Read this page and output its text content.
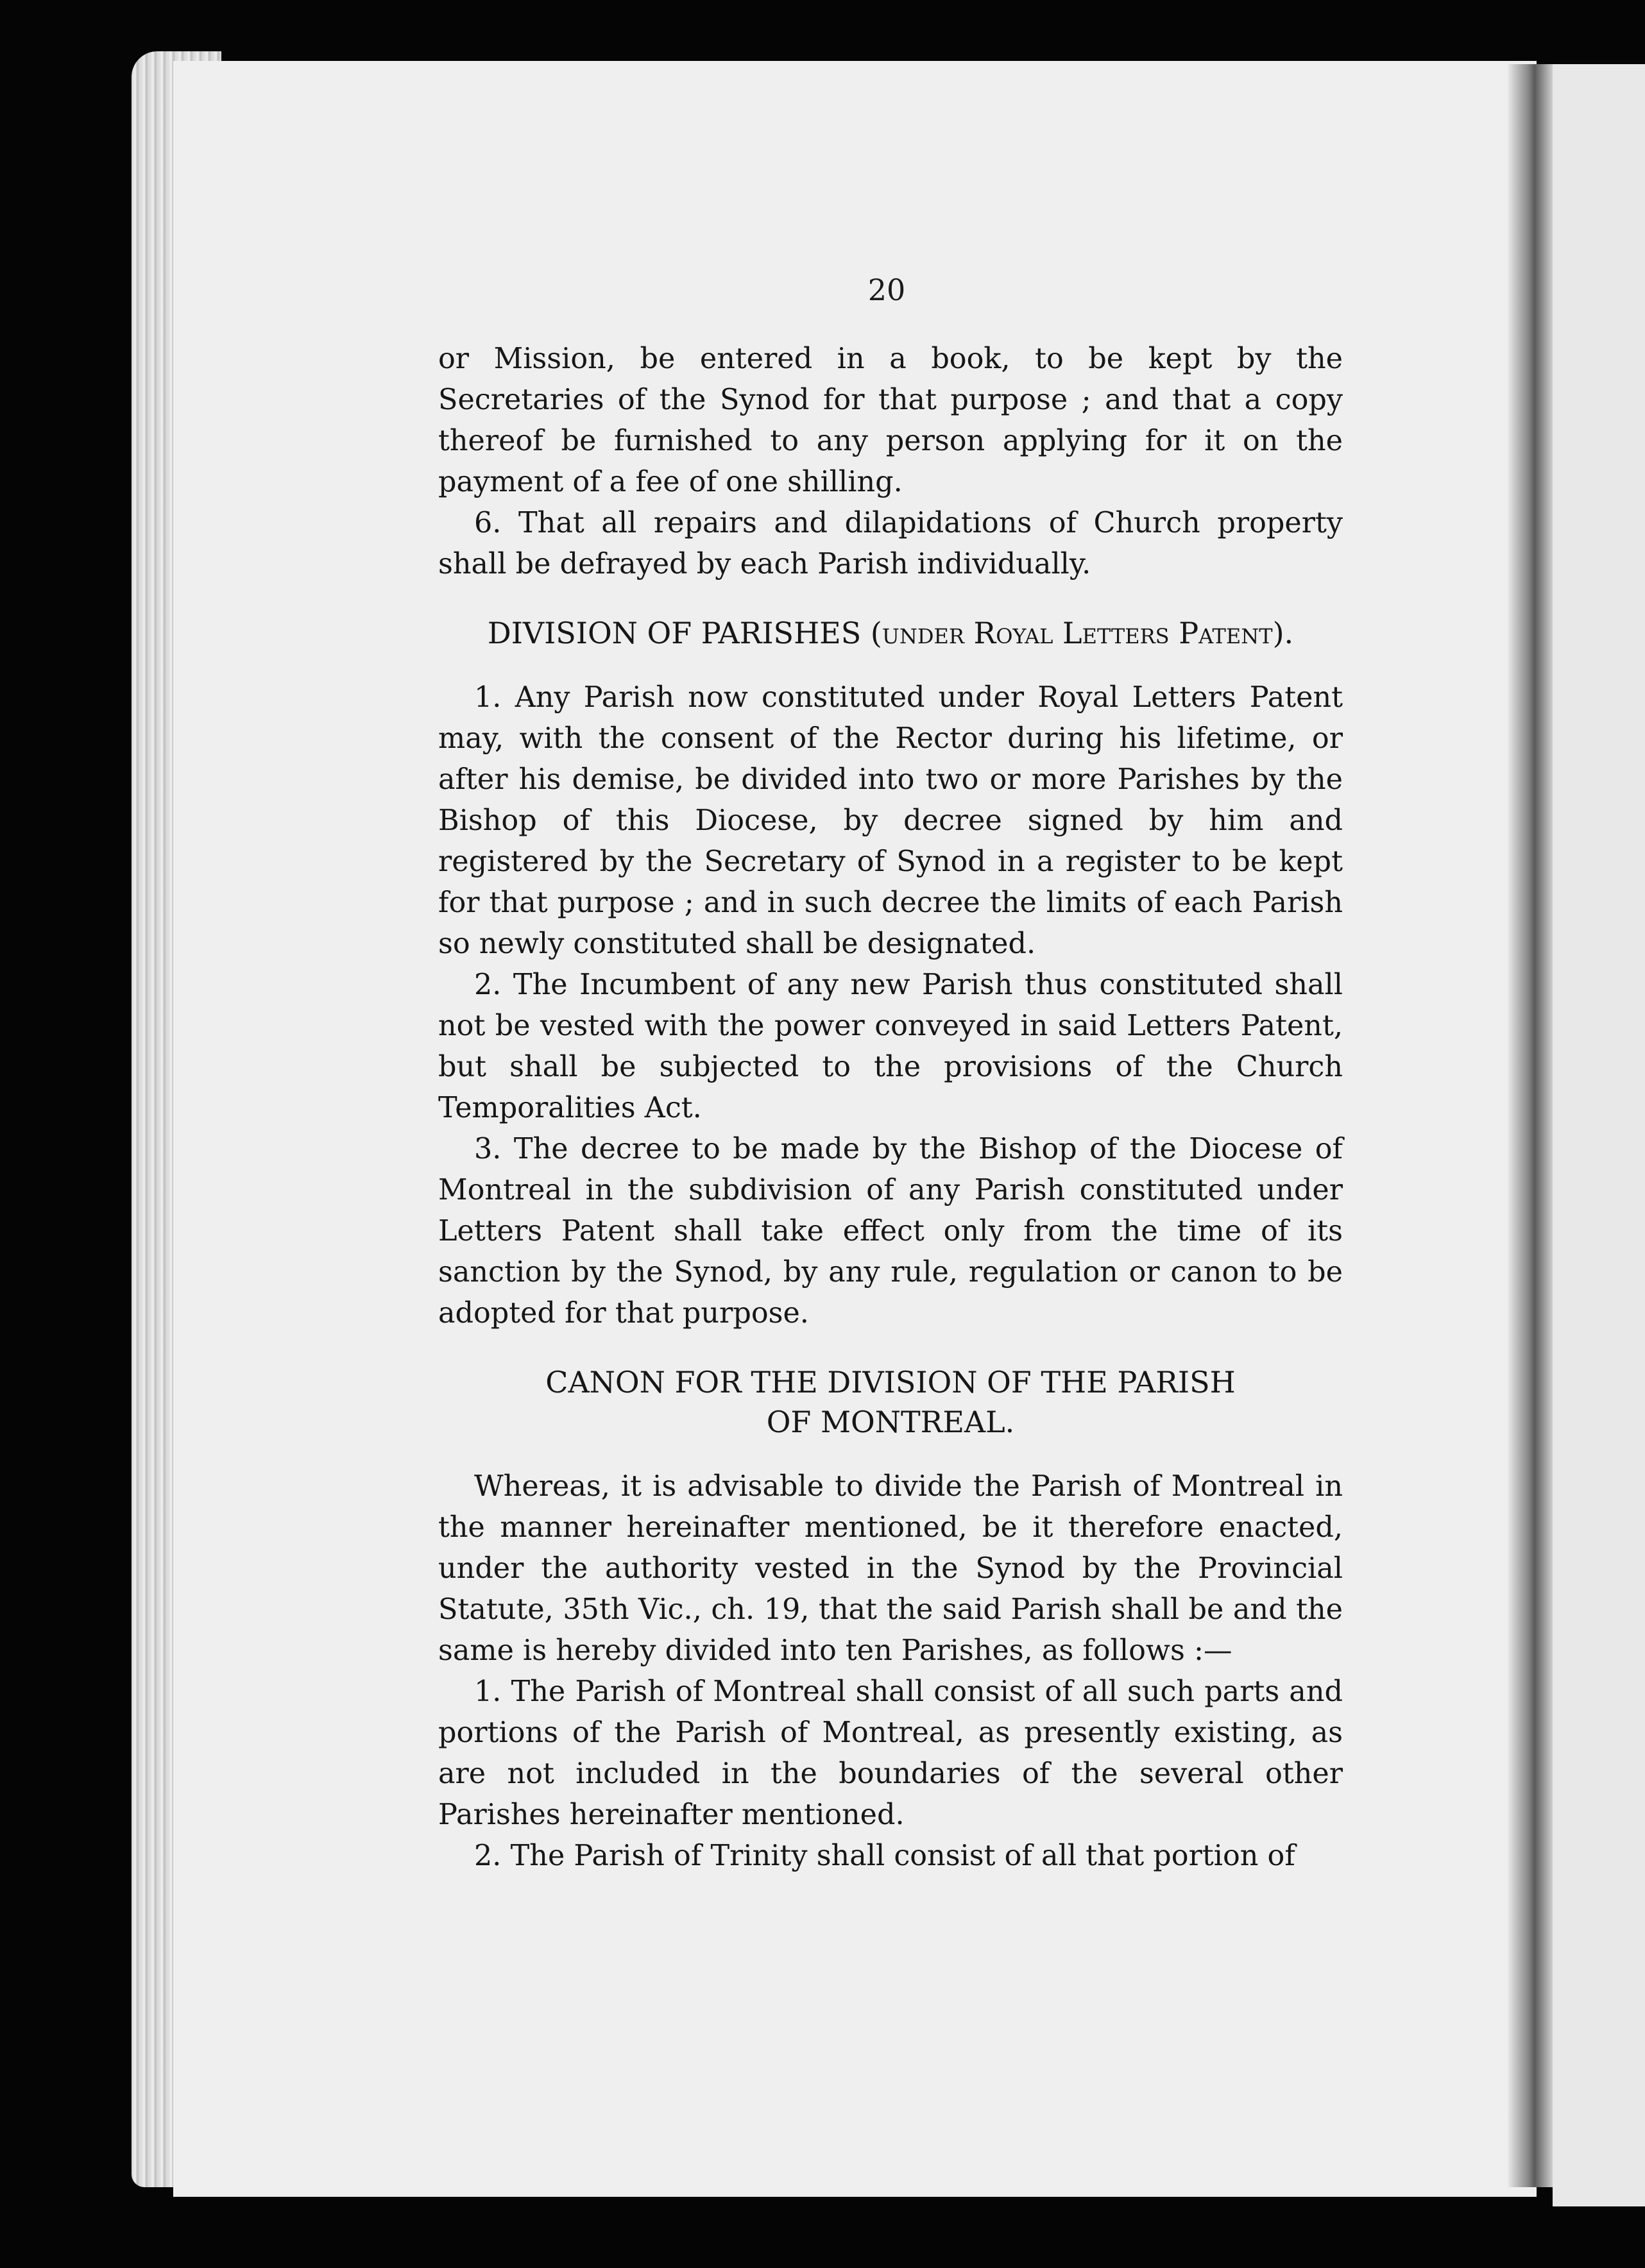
20

or Mission, be entered in a book, to be kept by the Secretaries of the Synod for that purpose ; and that a copy thereof be furnished to any person applying for it on the payment of a fee of one shilling.

6. That all repairs and dilapidations of Church property shall be defrayed by each Parish individually.

DIVISION OF PARISHES (under Royal Letters Patent).

1. Any Parish now constituted under Royal Letters Patent may, with the consent of the Rector during his lifetime, or after his demise, be divided into two or more Parishes by the Bishop of this Diocese, by decree signed by him and registered by the Secretary of Synod in a register to be kept for that purpose ; and in such decree the limits of each Parish so newly constituted shall be designated.

2. The Incumbent of any new Parish thus constituted shall not be vested with the power conveyed in said Letters Patent, but shall be subjected to the provisions of the Church Temporalities Act.

3. The decree to be made by the Bishop of the Diocese of Montreal in the subdivision of any Parish constituted under Letters Patent shall take effect only from the time of its sanction by the Synod, by any rule, regulation or canon to be adopted for that purpose.

CANON FOR THE DIVISION OF THE PARISH

OF MONTREAL.

Whereas, it is advisable to divide the Parish of Montreal in the manner hereinafter mentioned, be it therefore enacted, under the authority vested in the Synod by the Provincial Statute, 35th Vic., ch. 19, that the said Parish shall be and the same is hereby divided into ten Parishes, as follows :—

1. The Parish of Montreal shall consist of all such parts and portions of the Parish of Montreal, as presently existing, as are not included in the boundaries of the several other Parishes hereinafter mentioned.

2. The Parish of Trinity shall consist of all that portion of
